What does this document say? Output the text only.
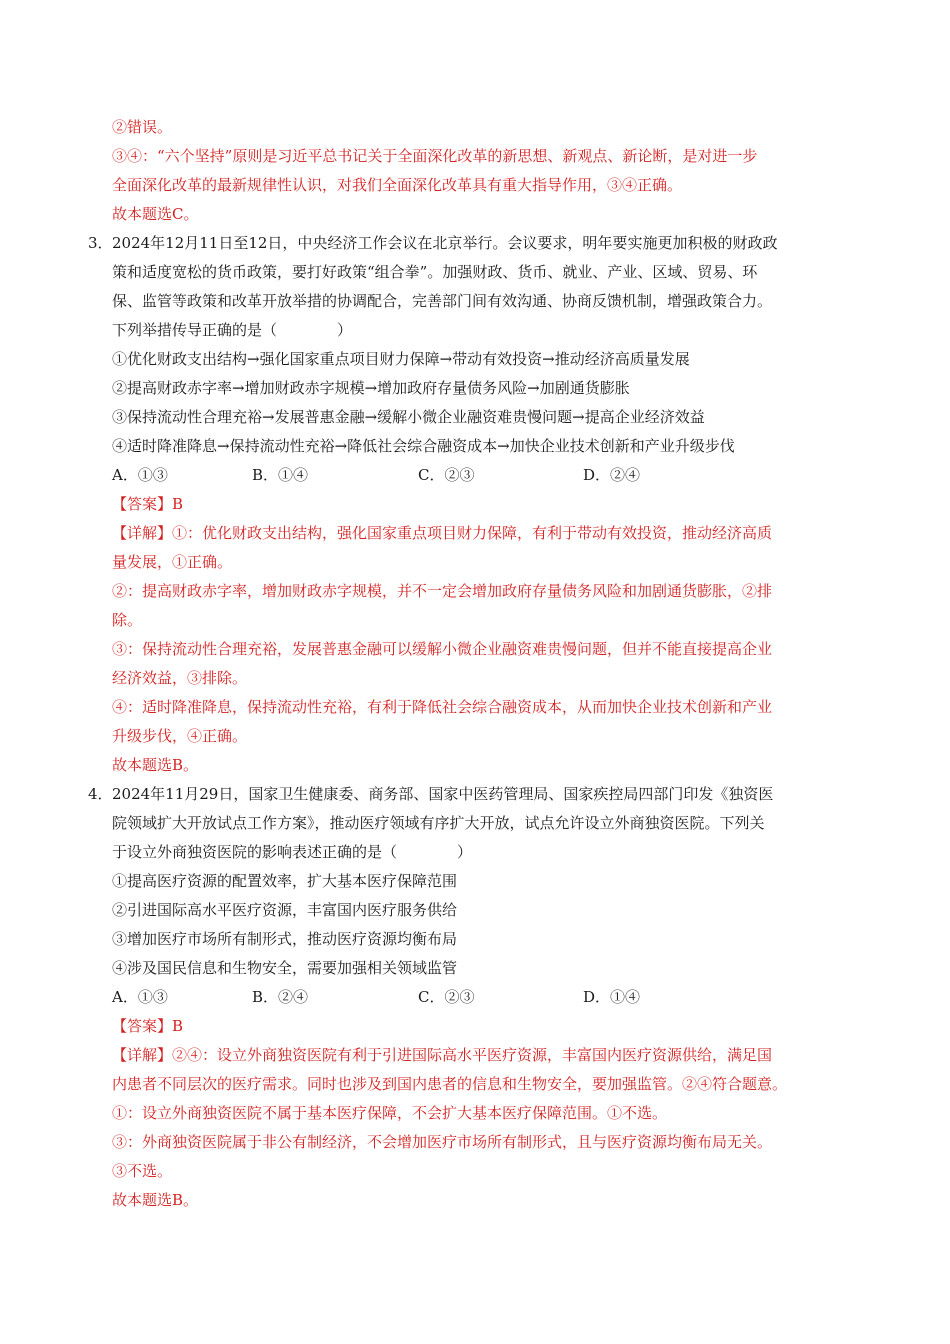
②错误。
③④：“六个坚持”原则是习近平总书记关于全面深化改革的新思想、新观点、新论断，是对进一步
全面深化改革的最新规律性认识，对我们全面深化改革具有重大指导作用，③④正确。
故本题选C。
3． 2024年12月11日至12日，中央经济工作会议在北京举行。会议要求，明年要实施更加积极的财政政
策和适度宽松的货币政策，要打好政策“组合拳”。加强财政、货币、就业、产业、区域、贸易、环
保、监管等政策和改革开放举措的协调配合，完善部门间有效沟通、协商反馈机制，增强政策合力。
下列举措传导正确的是（　　　　）
①优化财政支出结构→强化国家重点项目财力保障→带动有效投资→推动经济高质量发展
②提高财政赤字率→增加财政赤字规模→增加政府存量债务风险→加剧通货膨胀
③保持流动性合理充裕→发展普惠金融→缓解小微企业融资难贵慢问题→提高企业经济效益
④适时降准降息→保持流动性充裕→降低社会综合融资成本→加快企业技术创新和产业升级步伐
A．①③	B．①④	C．②③	D．②④
【答案】B
【详解】①：优化财政支出结构，强化国家重点项目财力保障，有利于带动有效投资，推动经济高质
量发展，①正确。
②：提高财政赤字率，增加财政赤字规模，并不一定会增加政府存量债务风险和加剧通货膨胀，②排
除。
③：保持流动性合理充裕，发展普惠金融可以缓解小微企业融资难贵慢问题，但并不能直接提高企业
经济效益，③排除。
④：适时降准降息，保持流动性充裕，有利于降低社会综合融资成本，从而加快企业技术创新和产业
升级步伐，④正确。
故本题选B。
4． 2024年11月29日，国家卫生健康委、商务部、国家中医药管理局、国家疾控局四部门印发《独资医
院领域扩大开放试点工作方案》，推动医疗领域有序扩大开放，试点允许设立外商独资医院。下列关
于设立外商独资医院的影响表述正确的是（　　　　）
①提高医疗资源的配置效率，扩大基本医疗保障范围
②引进国际高水平医疗资源，丰富国内医疗服务供给
③增加医疗市场所有制形式，推动医疗资源均衡布局
④涉及国民信息和生物安全，需要加强相关领域监管
A．①③	B．②④	C．②③	D．①④
【答案】B
【详解】②④：设立外商独资医院有利于引进国际高水平医疗资源，丰富国内医疗资源供给，满足国
内患者不同层次的医疗需求。同时也涉及到国内患者的信息和生物安全，要加强监管。②④符合题意。
①：设立外商独资医院不属于基本医疗保障，不会扩大基本医疗保障范围。①不选。
③：外商独资医院属于非公有制经济，不会增加医疗市场所有制形式，且与医疗资源均衡布局无关。
③不选。
故本题选B。
